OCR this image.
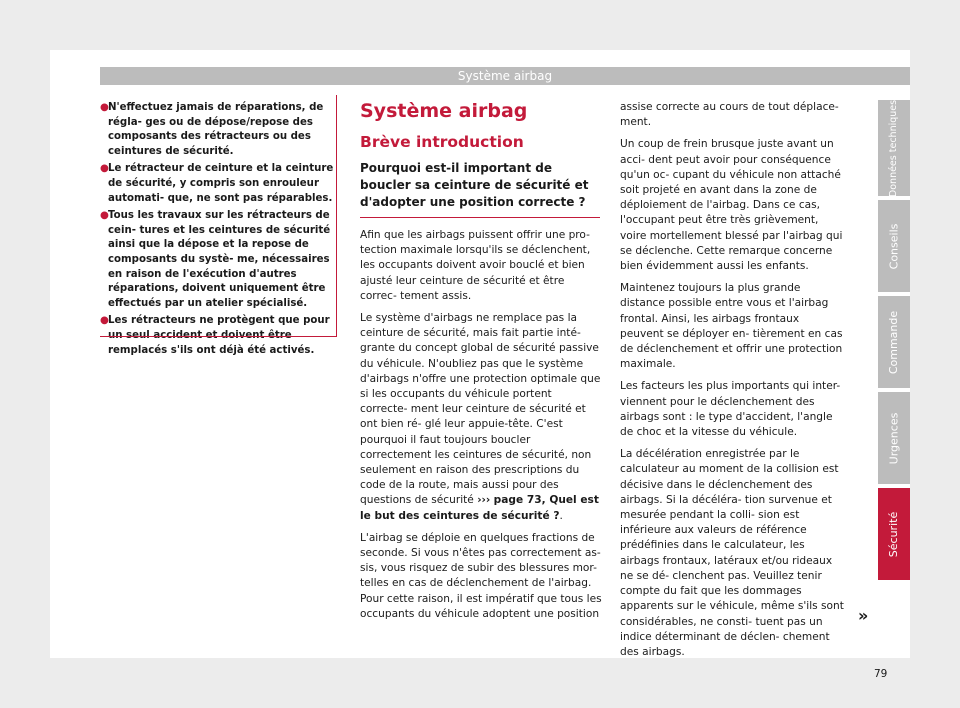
Système airbag
● N'effectuez jamais de réparations, de régla- ges ou de dépose/repose des composants des rétracteurs ou des ceintures de sécurité.
● Le rétracteur de ceinture et la ceinture de sécurité, y compris son enrouleur automati- que, ne sont pas réparables.
● Tous les travaux sur les rétracteurs de cein- tures et les ceintures de sécurité ainsi que la dépose et la repose de composants du systè- me, nécessaires en raison de l'exécution d'autres réparations, doivent uniquement être effectués par un atelier spécialisé.
● Les rétracteurs ne protègent que pour remplacés s'ils ont déjà été activés.
Système airbag
Brève introduction
Pourquoi est-il important de boucler sa ceinture de sécurité et d'adopter une position correcte ?

Afin que les airbags puissent offrir une pro- tection maximale lorsqu'ils se déclenchent, les occupants doivent avoir bouclé et bien ajusté leur ceinture de sécurité et être correc- tement assis.

Le système d'airbags ne remplace pas la ceinture de sécurité, mais fait partie inté- grante du concept global de sécurité passive du véhicule. N'oubliez pas que le système d'airbags n'offre une protection optimale que si les occupants du véhicule portent correcte- ment leur ceinture de sécurité et ont bien ré- glé leur appuie-tête. C'est pourquoi il faut toujours boucler correctement les ceintures de sécurité, non seulement en raison des prescriptions du code de la route, mais aussi pour des questions de sécurité ››› page 73, Quel est le but des ceintures de sécurité ?.

L'airbag se déploie en quelques fractions de seconde. Si vous n'êtes pas correctement as- sis, vous risquez de subir des blessures mor- telles en cas de déclenchement de l'airbag. Pour cette raison, il est impératif que tous les occupants du véhicule adoptent une position

assise correcte au cours de tout déplace- ment.

Un coup de frein brusque juste avant un acci- dent peut avoir pour conséquence qu'un oc- cupant du véhicule non attaché soit projeté en avant dans la zone de déploiement de l'airbag. Dans ce cas, l'occupant peut être très grièvement, voire mortellement blessé par l'airbag qui se déclenche. Cette remarque concerne bien évidemment aussi les enfants.

Maintenez toujours la plus grande distance possible entre vous et l'airbag frontal. Ainsi, les airbags frontaux peuvent se déployer en- tièrement en cas de déclenchement et offrir une protection maximale.

Les facteurs les plus importants qui inter- viennent pour le déclenchement des airbags sont : le type d'accident, l'angle de choc et la vitesse du véhicule.

La décélération enregistrée par le calculateur au moment de la collision est décisive dans le déclenchement des airbags. Si la décéléra- tion survenue et mesurée pendant la colli- sion est inférieure aux valeurs de référence prédéfinies dans le calculateur, les airbags frontaux, latéraux et/ou rideaux ne se dé- clenchent pas. Veuillez tenir compte du fait que les dommages apparents sur le véhicule, même s'ils sont considérables, ne consti- tuent pas un indice déterminant de déclen- chement des airbags.

»
79
Données techniques
Conseils
Commande
Urgences
Sécurité
